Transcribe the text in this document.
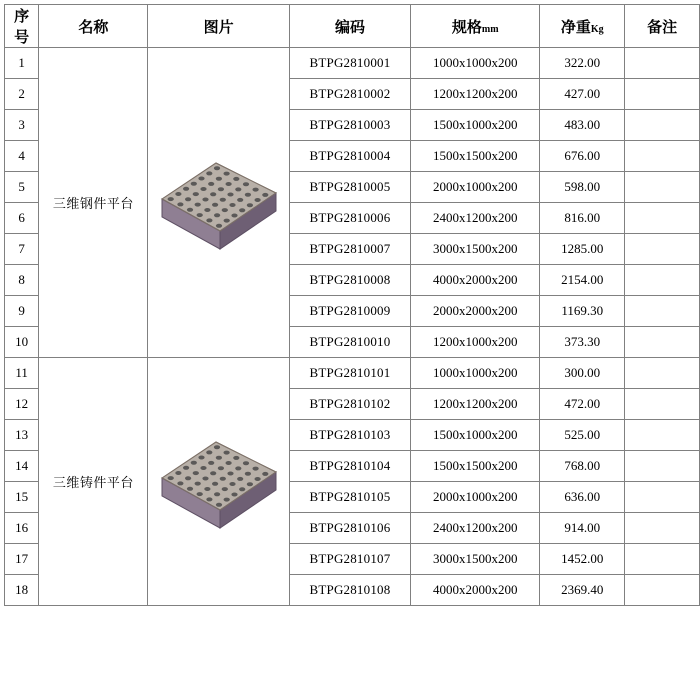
序号	名称	图片	编码	规格mm	净重Kg	备注
1	三维钢件平台		BTPG2810001	1000x1000x200	322.00	
2			BTPG2810002	1200x1200x200	427.00	
3			BTPG2810003	1500x1000x200	483.00	
4			BTPG2810004	1500x1500x200	676.00	
5			BTPG2810005	2000x1000x200	598.00	
6			BTPG2810006	2400x1200x200	816.00	
7			BTPG2810007	3000x1500x200	1285.00	
8			BTPG2810008	4000x2000x200	2154.00	
9			BTPG2810009	2000x2000x200	1169.30	
10			BTPG2810010	1200x1000x200	373.30	
11	三维铸件平台		BTPG2810101	1000x1000x200	300.00	
12			BTPG2810102	1200x1200x200	472.00	
13			BTPG2810103	1500x1000x200	525.00	
14			BTPG2810104	1500x1500x200	768.00	
15			BTPG2810105	2000x1000x200	636.00	
16			BTPG2810106	2400x1200x200	914.00	
17			BTPG2810107	3000x1500x200	1452.00	
18			BTPG2810108	4000x2000x200	2369.40	
